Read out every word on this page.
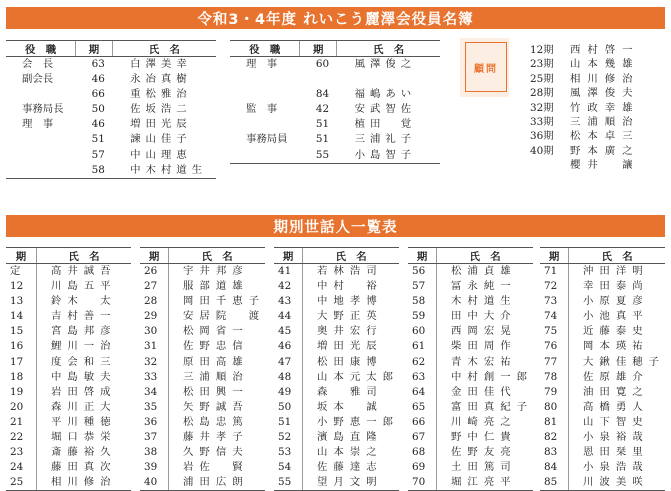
令和3・4年度 れいこう麗澤会役員名簿
期別世話人一覧表
役　職	期	氏　名
会　長	63	白澤美幸
副会長	46	永冶真樹
	66	重松雅治
事務局長	50	佐坂浩二
理　事	46	増田光辰
	51	諫山佳子
	57	中山理恵
	58	中木村道生
役　職	期	氏　名
理　事	60	風澤俊之

	84	福嶋あい
監　事	42	安武智佐
	51	植田　覚
事務局員	51	三浦礼子
	55	小島智子
顧問
12期	西村啓一
23期	山本幾雄
25期	相川修治
28期	風澤俊夫
32期	竹政幸雄
33期	三浦順治
36期	松本卓三
40期	野本廣之
櫻井　讓
期	氏　名
定	高井誠吾
12	川島五平
13	鈴木　太
14	吉村善一
15	宮島邦彦
16	鯉川一治
17	度会和三
18	中島敏夫
19	岩田啓成
20	森川正大
21	平川種徳
22	堀口恭栄
23	斎藤裕久
24	藤田真次
25	相川修治
期	氏　名
26	宇井邦彦
27	服部道雄
28	岡田千恵子
29	安居院　渡
30	松岡省一
31	佐野忠信
32	原田高雄
33	三浦順治
34	松田興一
35	矢野誠吾
36	松島忠篤
37	藤井孝子
38	久野信夫
39	岩佐　賢
40	浦田広朗
期	氏　名
41	若林浩司
42	中村　裕
43	中地孝博
44	大野正英
45	奥井宏行
46	増田光辰
47	松田康博
48	山本元太郎
49	森　雅司
50	坂本　誠
51	小野恵一郎
52	濱島直隆
53	山本崇之
54	佐藤達志
55	望月文明
期	氏　名
56	松浦貞雄
57	冨永純一
58	木村道生
59	田中大介
60	西岡宏晃
61	柴田周作
62	青木宏祐
63	中村創一郎
64	金田佳代
65	富田真紀子
66	川崎亮之
67	野中仁貴
68	佐野友亮
69	土田篤司
70	堀江亮平
期	氏　名
71	沖田洋明
72	幸田泰尚
73	小原夏彦
74	小池真平
75	近藤泰史
76	岡本瑛祐
77	大鍬佳穂子
78	佐原雄介
79	油田寛之
80	高橋勇人
81	山下智史
82	小泉裕哉
83	恩田栞里
84	小泉浩哉
85	川波美咲
